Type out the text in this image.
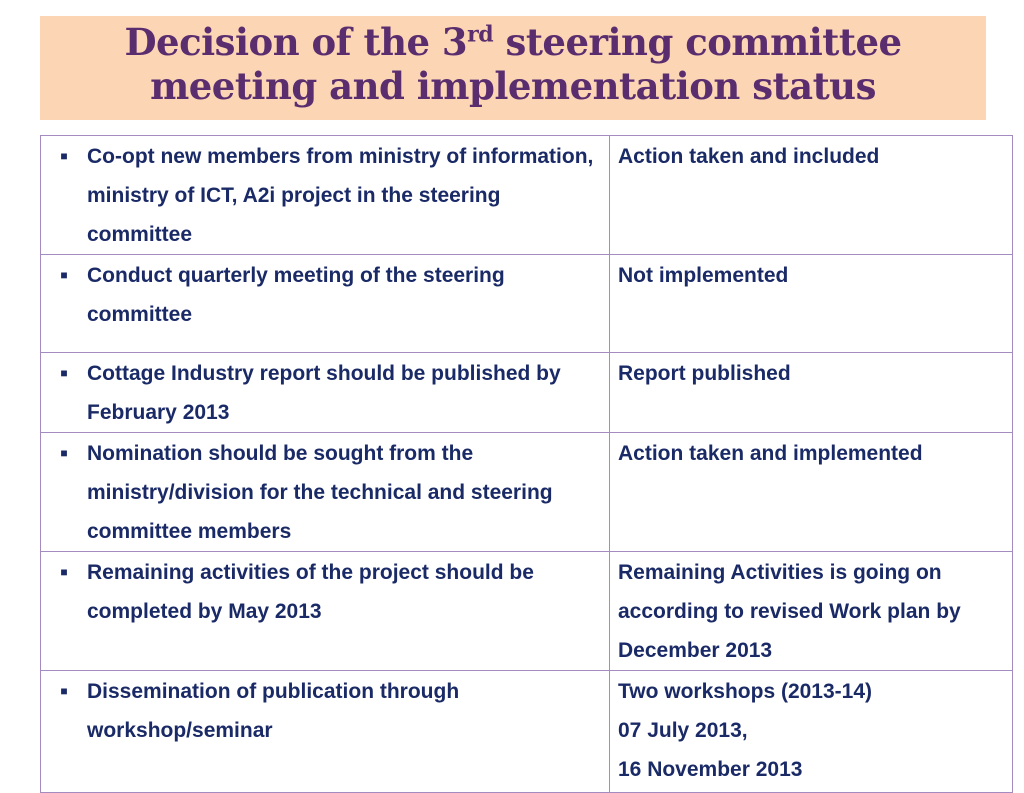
Decision of the 3rd steering committee
meeting and implementation status
■ Co-opt new members from ministry of information, ministry of ICT, A2i project in the steering committee	Action taken and included

■ Conduct quarterly meeting of the steering committee	Not implemented

■ Cottage Industry report should be published by February 2013	Report published

■ Nomination should be sought from the ministry/division for the technical and steering committee members	Action taken and implemented

■ Remaining activities of the project should be completed by May 2013	Remaining Activities is going on according to revised Work plan by December 2013

■ Dissemination of publication through workshop/seminar	Two workshops (2013-14)
07 July 2013,
16 November 2013
